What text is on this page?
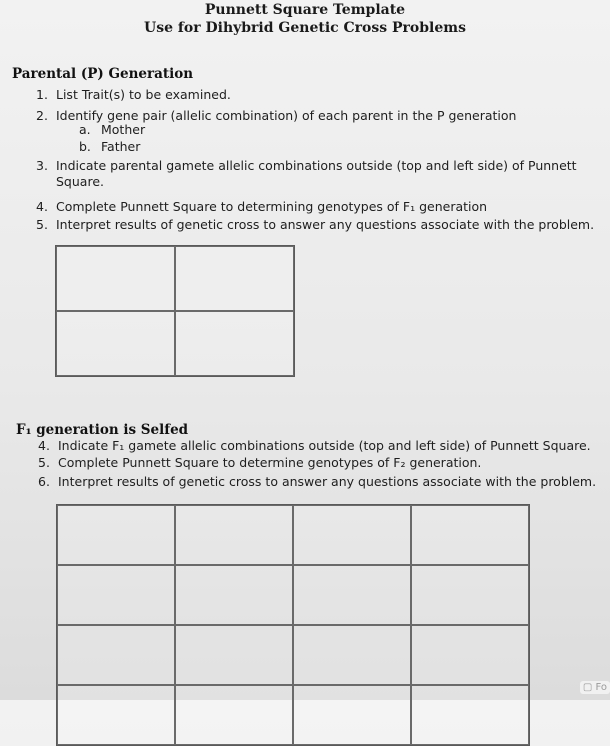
Punnett Square Template
Use for Dihybrid Genetic Cross Problems
Parental (P) Generation
1. List Trait(s) to be examined.
2. Identify gene pair (allelic combination) of each parent in the P generation
a. Mother
b. Father
3. Indicate parental gamete allelic combinations outside (top and left side) of Punnett
Square.
4. Complete Punnett Square to determining genotypes of F₁ generation
5. Interpret results of genetic cross to answer any questions associate with the problem.
F₁ generation is Selfed
4. Indicate F₁ gamete allelic combinations outside (top and left side) of Punnett Square.
5. Complete Punnett Square to determine genotypes of F₂ generation.
6. Interpret results of genetic cross to answer any questions associate with the problem.
▢ Fo
